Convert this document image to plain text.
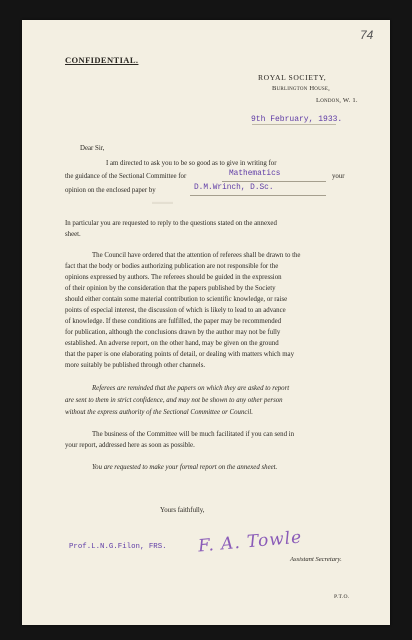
74
CONFIDENTIAL.
ROYAL SOCIETY,
Burlington House,
London, W. 1.
9th February, 1933.
Dear Sir,
I am directed to ask you to be so good as to give in writing for
the guidance of the Sectional Committee for	Mathematics	your
opinion on the enclosed paper by	D.M.Wrinch, D.Sc.
▬▬▬
In particular you are requested to reply to the questions stated on the annexed
sheet.
The Council have ordered that the attention of referees shall be drawn to the
fact that the body or bodies authorizing publication are not responsible for the
opinions expressed by authors. The referees should be guided in the expression
of their opinion by the consideration that the papers published by the Society
should either contain some material contribution to scientific knowledge, or raise
points of especial interest, the discussion of which is likely to lead to an advance
of knowledge. If these conditions are fulfilled, the paper may be recommended
for publication, although the conclusions drawn by the author may not be fully
established. An adverse report, on the other hand, may be given on the ground
that the paper is one elaborating points of detail, or dealing with matters which may
more suitably be published through other channels.
Referees are reminded that the papers on which they are asked to report
are sent to them in strict confidence, and may not be shown to any other person
without the express authority of the Sectional Committee or Council.
The business of the Committee will be much facilitated if you can send in
your report, addressed here as soon as possible.
You are requested to make your formal report on the annexed sheet.
Yours faithfully,
F. A. Towle
Prof.L.N.G.Filon, FRS.
Assistant Secretary.
P.T.O.
